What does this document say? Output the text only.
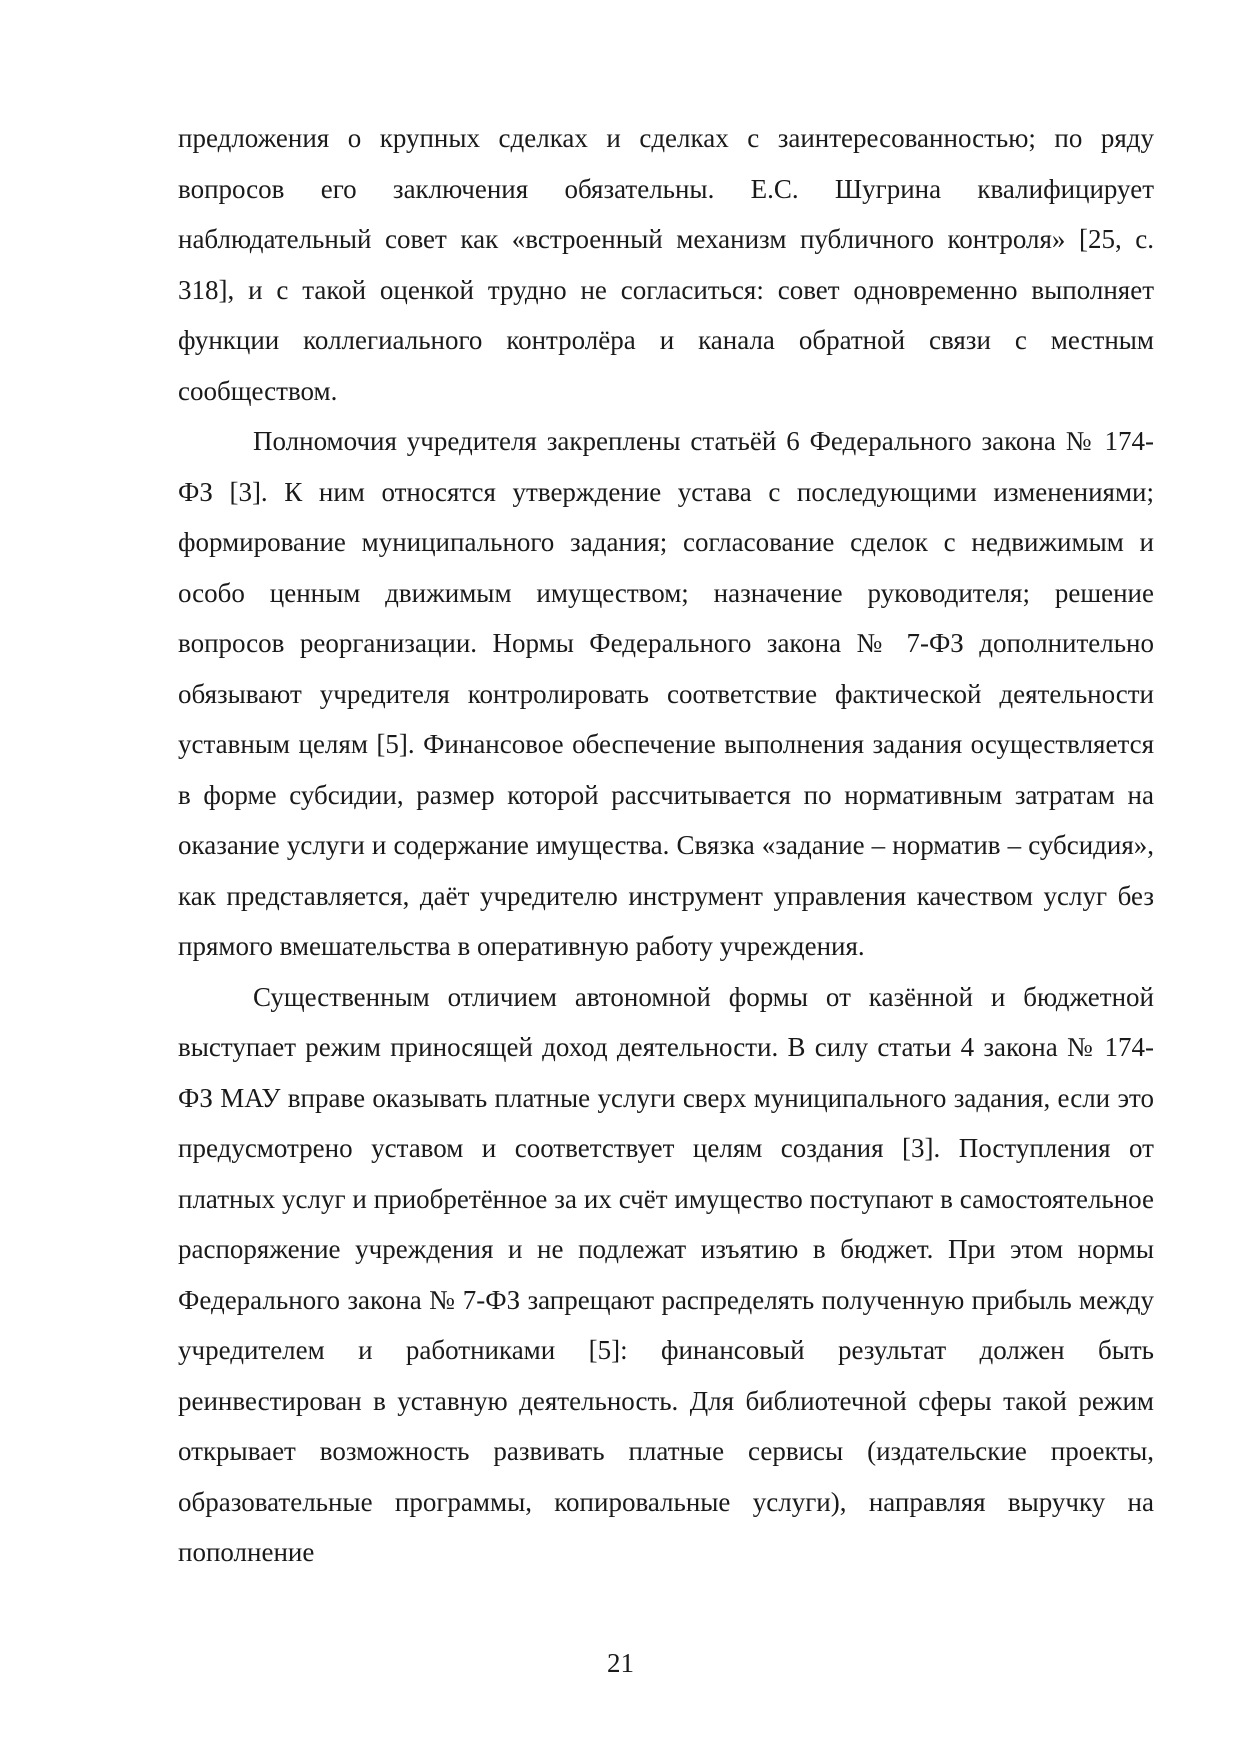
предложения о крупных сделках и сделках с заинтересованностью; по ряду вопросов его заключения обязательны. Е.С. Шугрина квалифицирует наблюдательный совет как «встроенный механизм публичного контроля» [25, с. 318], и с такой оценкой трудно не согласиться: совет одновременно выполняет функции коллегиального контролёра и канала обратной связи с местным сообществом.

Полномочия учредителя закреплены статьёй 6 Федерального закона № 174-ФЗ [3]. К ним относятся утверждение устава с последующими изменениями; формирование муниципального задания; согласование сделок с недвижимым и особо ценным движимым имуществом; назначение руководителя; решение вопросов реорганизации. Нормы Федерального закона № 7-ФЗ дополнительно обязывают учредителя контролировать соответствие фактической деятельности уставным целям [5]. Финансовое обеспечение выполнения задания осуществляется в форме субсидии, размер которой рассчитывается по нормативным затратам на оказание услуги и содержание имущества. Связка «задание – норматив – субсидия», как представляется, даёт учредителю инструмент управления качеством услуг без прямого вмешательства в оперативную работу учреждения.

Существенным отличием автономной формы от казённой и бюджетной выступает режим приносящей доход деятельности. В силу статьи 4 закона № 174-ФЗ МАУ вправе оказывать платные услуги сверх муниципального задания, если это предусмотрено уставом и соответствует целям создания [3]. Поступления от платных услуг и приобретённое за их счёт имущество поступают в самостоятельное распоряжение учреждения и не подлежат изъятию в бюджет. При этом нормы Федерального закона № 7-ФЗ запрещают распределять полученную прибыль между учредителем и работниками [5]: финансовый результат должен быть реинвестирован в уставную деятельность. Для библиотечной сферы такой режим открывает возможность развивать платные сервисы (издательские проекты, образовательные программы, копировальные услуги), направляя выручку на пополнение

21
